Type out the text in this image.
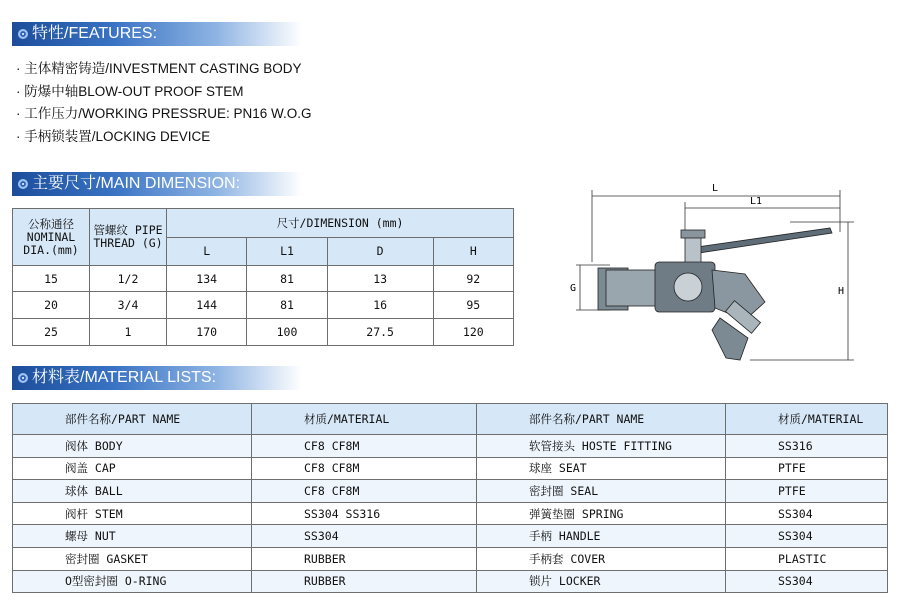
特性/FEATURES:
· 主体精密铸造/INVESTMENT CASTING BODY
· 防爆中轴BLOW-OUT PROOF STEM
· 工作压力/WORKING PRESSRUE: PN16 W.O.G
· 手柄锁装置/LOCKING DEVICE
主要尺寸/MAIN DIMENSION:
公称通径 NOMINAL DIA.(mm)	管螺纹 PIPE THREAD (G)	尺寸/DIMENSION (mm)			
		L	L1	D	H
15	1/2	134	81	13	92
20	3/4	144	81	16	95
25	1	170	100	27.5	120
L
L1
G	H
材料表/MATERIAL LISTS:
部件名称/PART NAME	材质/MATERIAL	部件名称/PART NAME	材质/MATERIAL
阀体 BODY	CF8 CF8M	软管接头 HOSTE FITTING	SS316
阀盖 CAP	CF8 CF8M	球座 SEAT	PTFE
球体 BALL	CF8 CF8M	密封圈 SEAL	PTFE
阀杆 STEM	SS304 SS316	弹簧垫圈 SPRING	SS304
螺母 NUT	SS304	手柄 HANDLE	SS304
密封圈 GASKET	RUBBER	手柄套 COVER	PLASTIC
O型密封圈 O-RING	RUBBER	锁片 LOCKER	SS304
